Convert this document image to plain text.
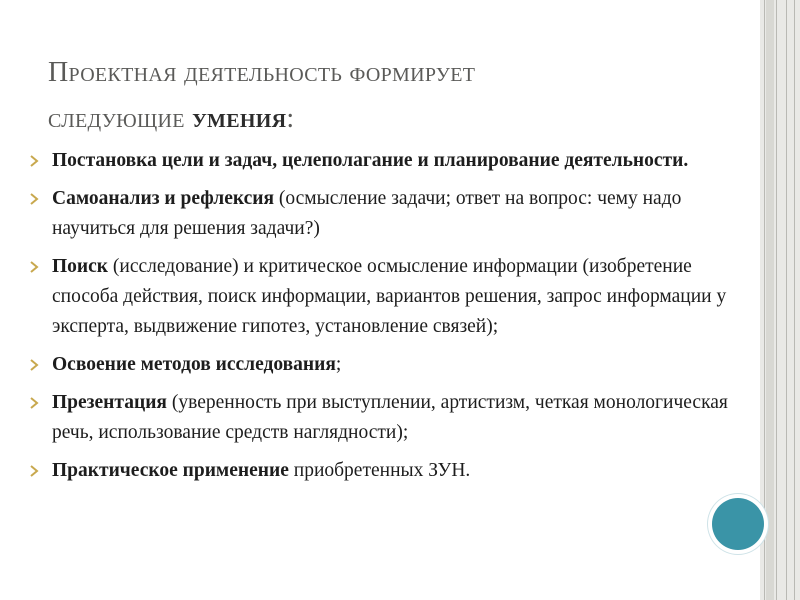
Проектная деятельность формирует
следующие умения:
Постановка цели и задач, целеполагание и планирование деятельности.
Самоанализ и рефлексия (осмысление задачи; ответ на вопрос: чему надо научиться для решения задачи?)
Поиск (исследование) и критическое осмысление информации (изобретение способа действия, поиск информации, вариантов решения, запрос информации у эксперта, выдвижение гипотез, установление связей);
Освоение методов исследования;
Презентация (уверенность при выступлении, артистизм, четкая монологическая речь, использование средств наглядности);
Практическое применение приобретенных ЗУН.
